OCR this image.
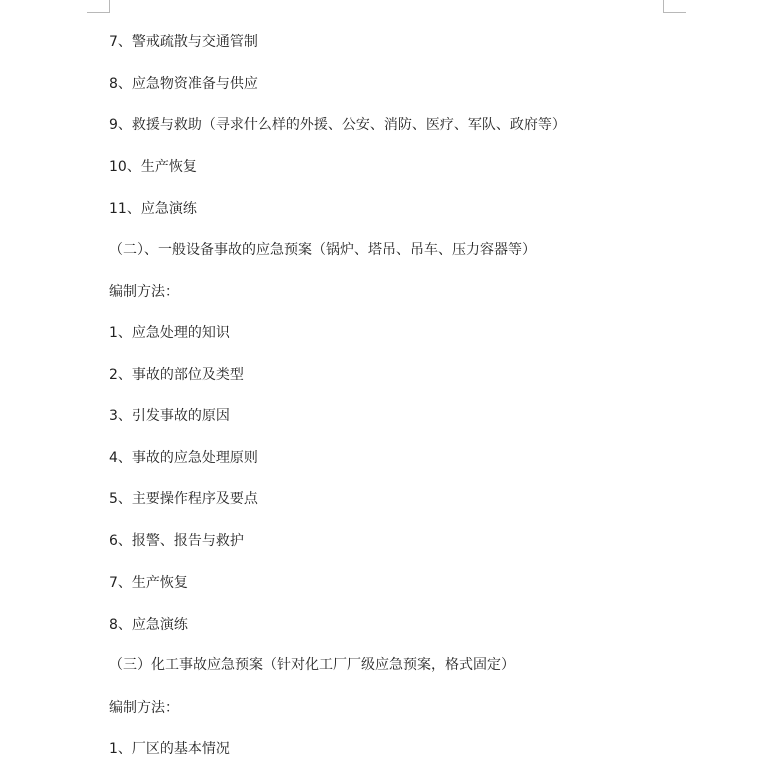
7、警戒疏散与交通管制
8、应急物资准备与供应
9、救援与救助（寻求什么样的外援、公安、消防、医疗、军队、政府等）
10、生产恢复
11、应急演练
（二）、一般设备事故的应急预案（锅炉、塔吊、吊车、压力容器等）
编制方法：
1、应急处理的知识
2、事故的部位及类型
3、引发事故的原因
4、事故的应急处理原则
5、主要操作程序及要点
6、报警、报告与救护
7、生产恢复
8、应急演练
（三）化工事故应急预案（针对化工厂厂级应急预案，格式固定）
编制方法：
1、厂区的基本情况
